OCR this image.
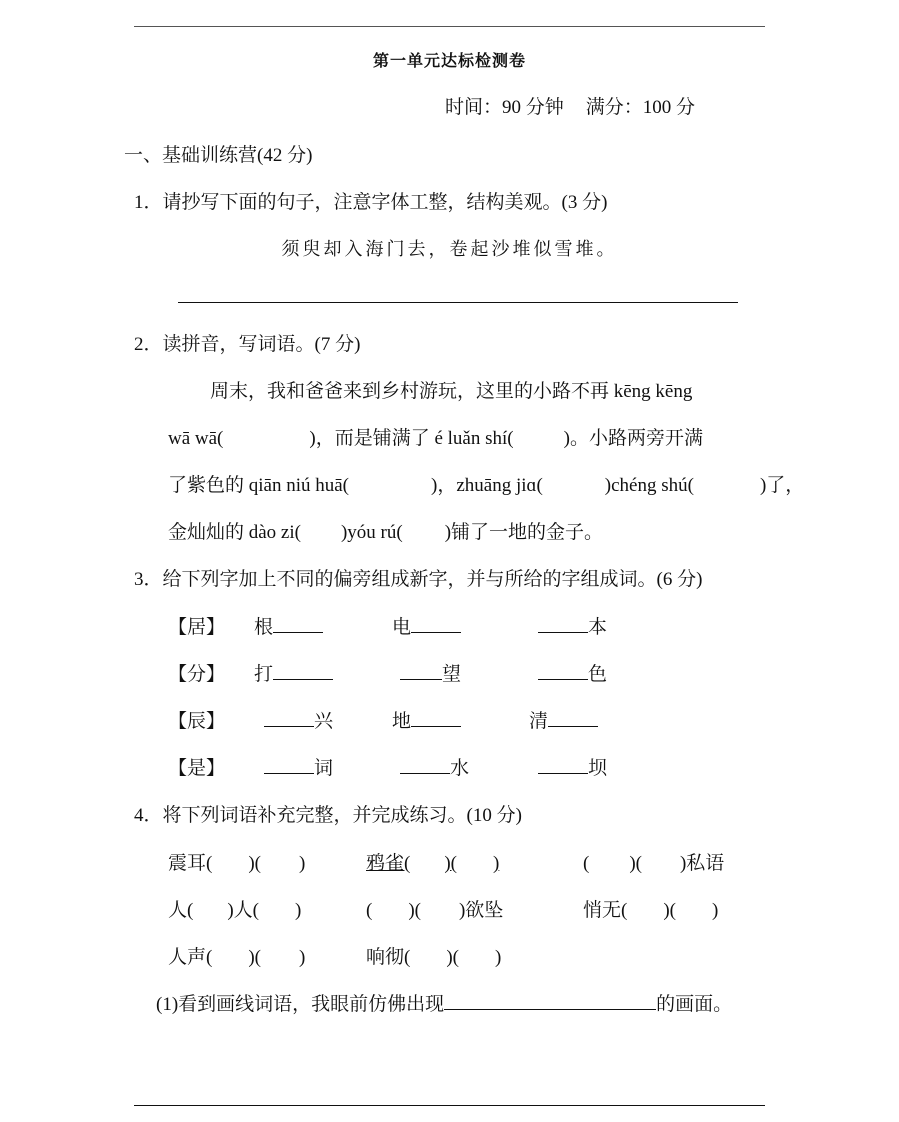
第一单元达标检测卷
时间：90 分钟 满分：100 分
一、基础训练营(42 分)
1．请抄写下面的句子，注意字体工整，结构美观。(3 分)
须臾却入海门去，卷起沙堆似雪堆。
2．读拼音，写词语。(7 分)
周末，我和爸爸来到乡村游玩，这里的小路不再 kēng kēng
wā wā(	)，而是铺满了 é luǎn shí(	)。小路两旁开满
了紫色的 qiān niú huā(	)，zhuāng jiɑ(	)chéng shú(	)了，
金灿灿的 dào zi( )yóu rú( )铺了一地的金子。
3．给下列字加上不同的偏旁组成新字，并与所给的字组成词。(6 分)
【居】 根	电	本
【分】 打	望	色
【辰】	兴	地	清
【是】	词	水	坝
4．将下列词语补充完整，并完成练习。(10 分)
震耳( )( )	鸦雀( )( )	( )( )私语
人( )人( )	( )( )欲坠	悄无( )( )
人声( )( )	响彻( )( )
(1)看到画线词语，我眼前仿佛出现	的画面。
